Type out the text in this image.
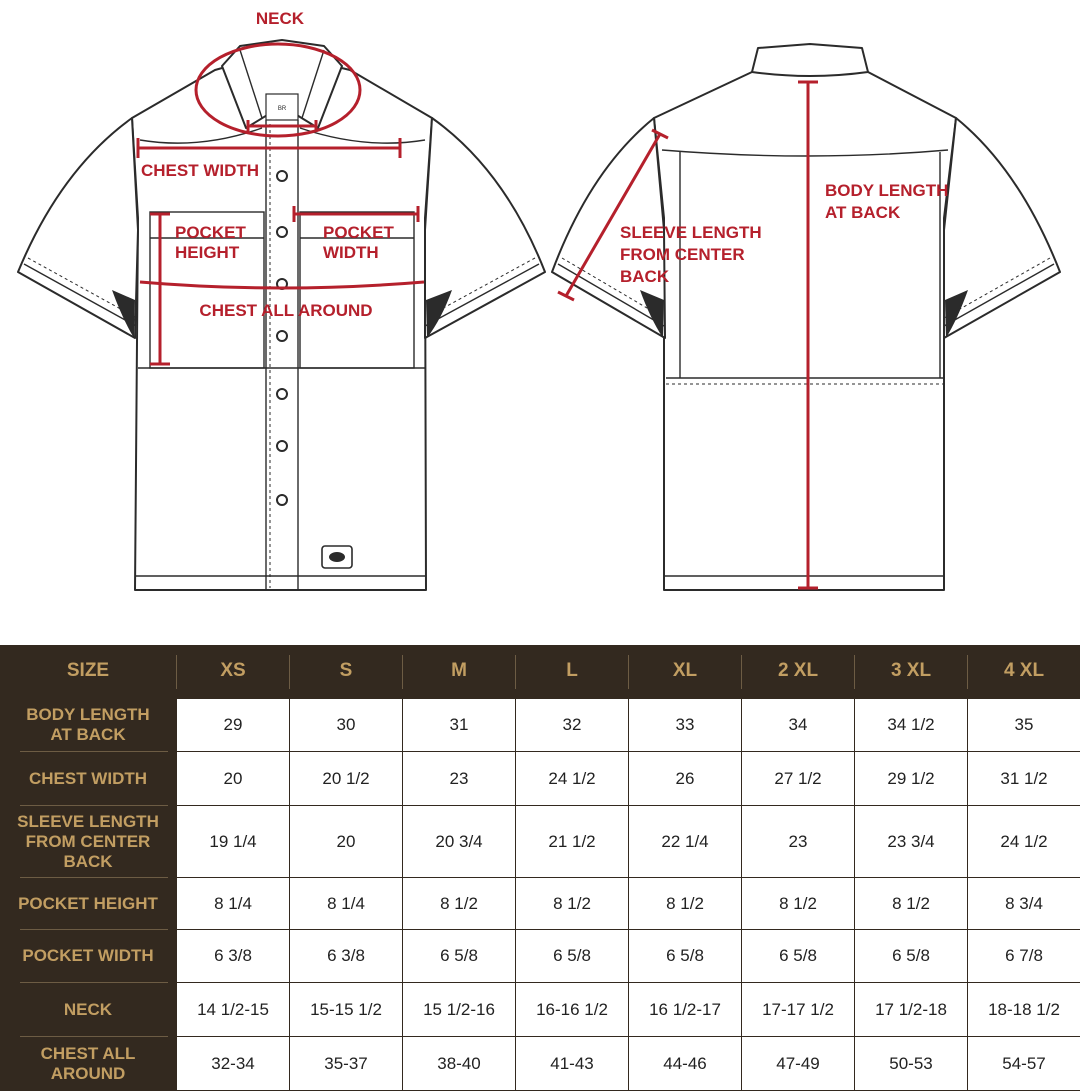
BR
NECK
CHEST WIDTH
POCKET HEIGHT
POCKET WIDTH
CHEST ALL AROUND
SLEEVE LENGTH FROM CENTER BACK
BODY LENGTH AT BACK
SIZE	XS	S	M	L	XL	2 XL	3 XL	4 XL
BODY LENGTH
AT BACK
29	30	31	32	33	34	34 1/2	35
CHEST WIDTH	20	20 1/2	23	24 1/2	26	27 1/2	29 1/2	31 1/2
SLEEVE LENGTH
FROM CENTER
BACK
19 1/4	20	20 3/4	21 1/2	22 1/4	23	23 3/4	24 1/2
POCKET HEIGHT	8 1/4	8 1/4	8 1/2	8 1/2	8 1/2	8 1/2	8 1/2	8 3/4
POCKET WIDTH	6 3/8	6 3/8	6 5/8	6 5/8	6 5/8	6 5/8	6 5/8	6 7/8
NECK	14 1/2-15	15-15 1/2	15 1/2-16	16-16 1/2	16 1/2-17	17-17 1/2	17 1/2-18	18-18 1/2
CHEST ALL
AROUND
32-34	35-37	38-40	41-43	44-46	47-49	50-53	54-57
